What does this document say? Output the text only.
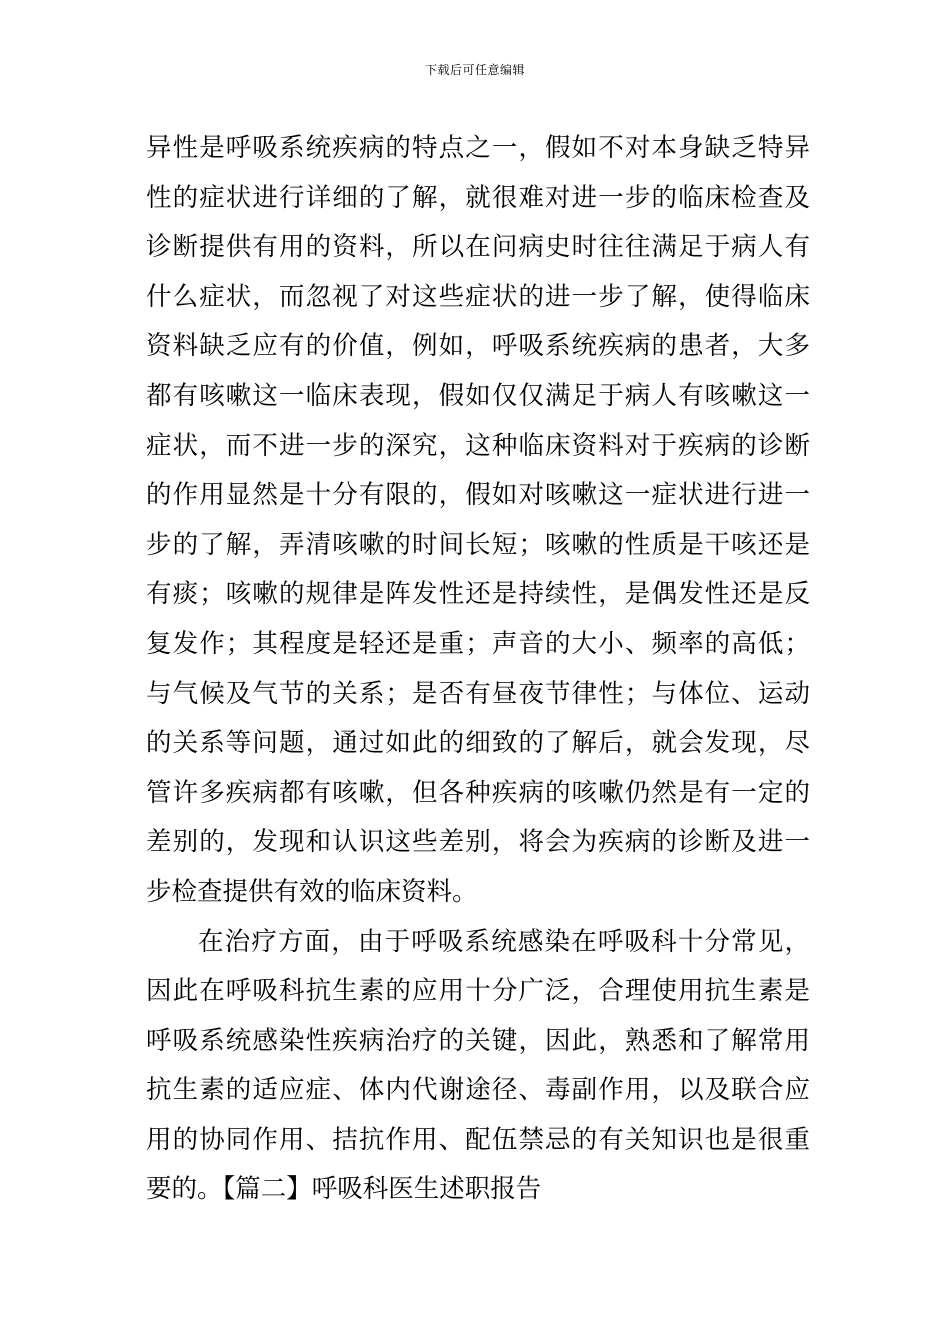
下载后可任意编辑
异性是呼吸系统疾病的特点之一，假如不对本身缺乏特异
性的症状进行详细的了解，就很难对进一步的临床检查及
诊断提供有用的资料，所以在问病史时往往满足于病人有
什么症状，而忽视了对这些症状的进一步了解，使得临床
资料缺乏应有的价值，例如，呼吸系统疾病的患者，大多
都有咳嗽这一临床表现，假如仅仅满足于病人有咳嗽这一
症状，而不进一步的深究，这种临床资料对于疾病的诊断
的作用显然是十分有限的，假如对咳嗽这一症状进行进一
步的了解，弄清咳嗽的时间长短；咳嗽的性质是干咳还是
有痰；咳嗽的规律是阵发性还是持续性，是偶发性还是反
复发作；其程度是轻还是重；声音的大小、频率的高低；
与气候及气节的关系；是否有昼夜节律性；与体位、运动
的关系等问题，通过如此的细致的了解后，就会发现，尽
管许多疾病都有咳嗽，但各种疾病的咳嗽仍然是有一定的
差别的，发现和认识这些差别，将会为疾病的诊断及进一
步检查提供有效的临床资料。
在治疗方面，由于呼吸系统感染在呼吸科十分常见，
因此在呼吸科抗生素的应用十分广泛，合理使用抗生素是
呼吸系统感染性疾病治疗的关键，因此，熟悉和了解常用
抗生素的适应症、体内代谢途径、毒副作用，以及联合应
用的协同作用、拮抗作用、配伍禁忌的有关知识也是很重
要的。【篇二】呼吸科医生述职报告
